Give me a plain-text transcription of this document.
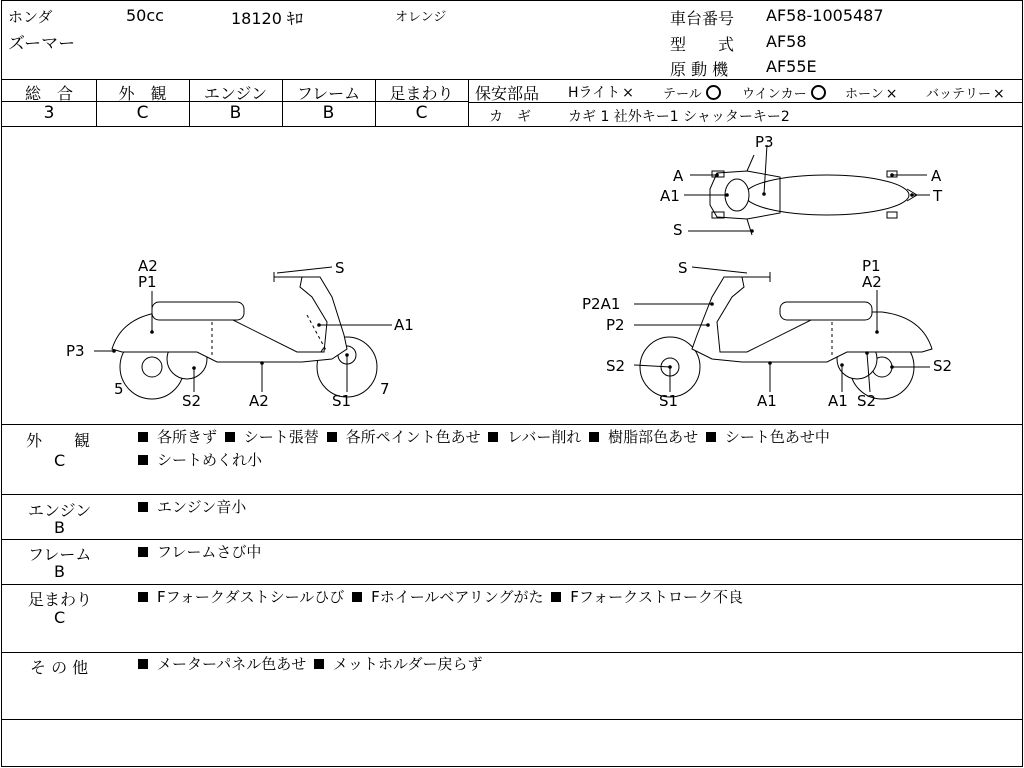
ホンダ	50cc	18120 ｷﾛ	オレンジ
ズーマー
車台番号 AF58-1005487
型　　式 AF58
原 動 機 AF55E
総　合	外　観	エンジン	フレーム	足まわり
3	C	B	B	C
保安部品 Hライト × テール	ウインカー	ホーン × バッテリー ×
カ　ギ	カギ 1 社外キー1 シャッターキー2
P3
A
A1
S
A
T
A2
P1
S
A1
P3
5
S2	A2	S1
7
S	P1
A2
P2A1
P2
S2
S1	A1	A1 S2
S2
外　　観
C
各所きず シート張替 各所ペイント色あせ レバー削れ 樹脂部色あせ シート色あせ中
シートめくれ小
エンジン
B
エンジン音小
フレーム
B
フレームさび中
足まわり
C
Fフォークダストシールひび Fホイールベアリングがた Fフォークストローク不良
そ の 他	メーターパネル色あせ メットホルダー戻らず
